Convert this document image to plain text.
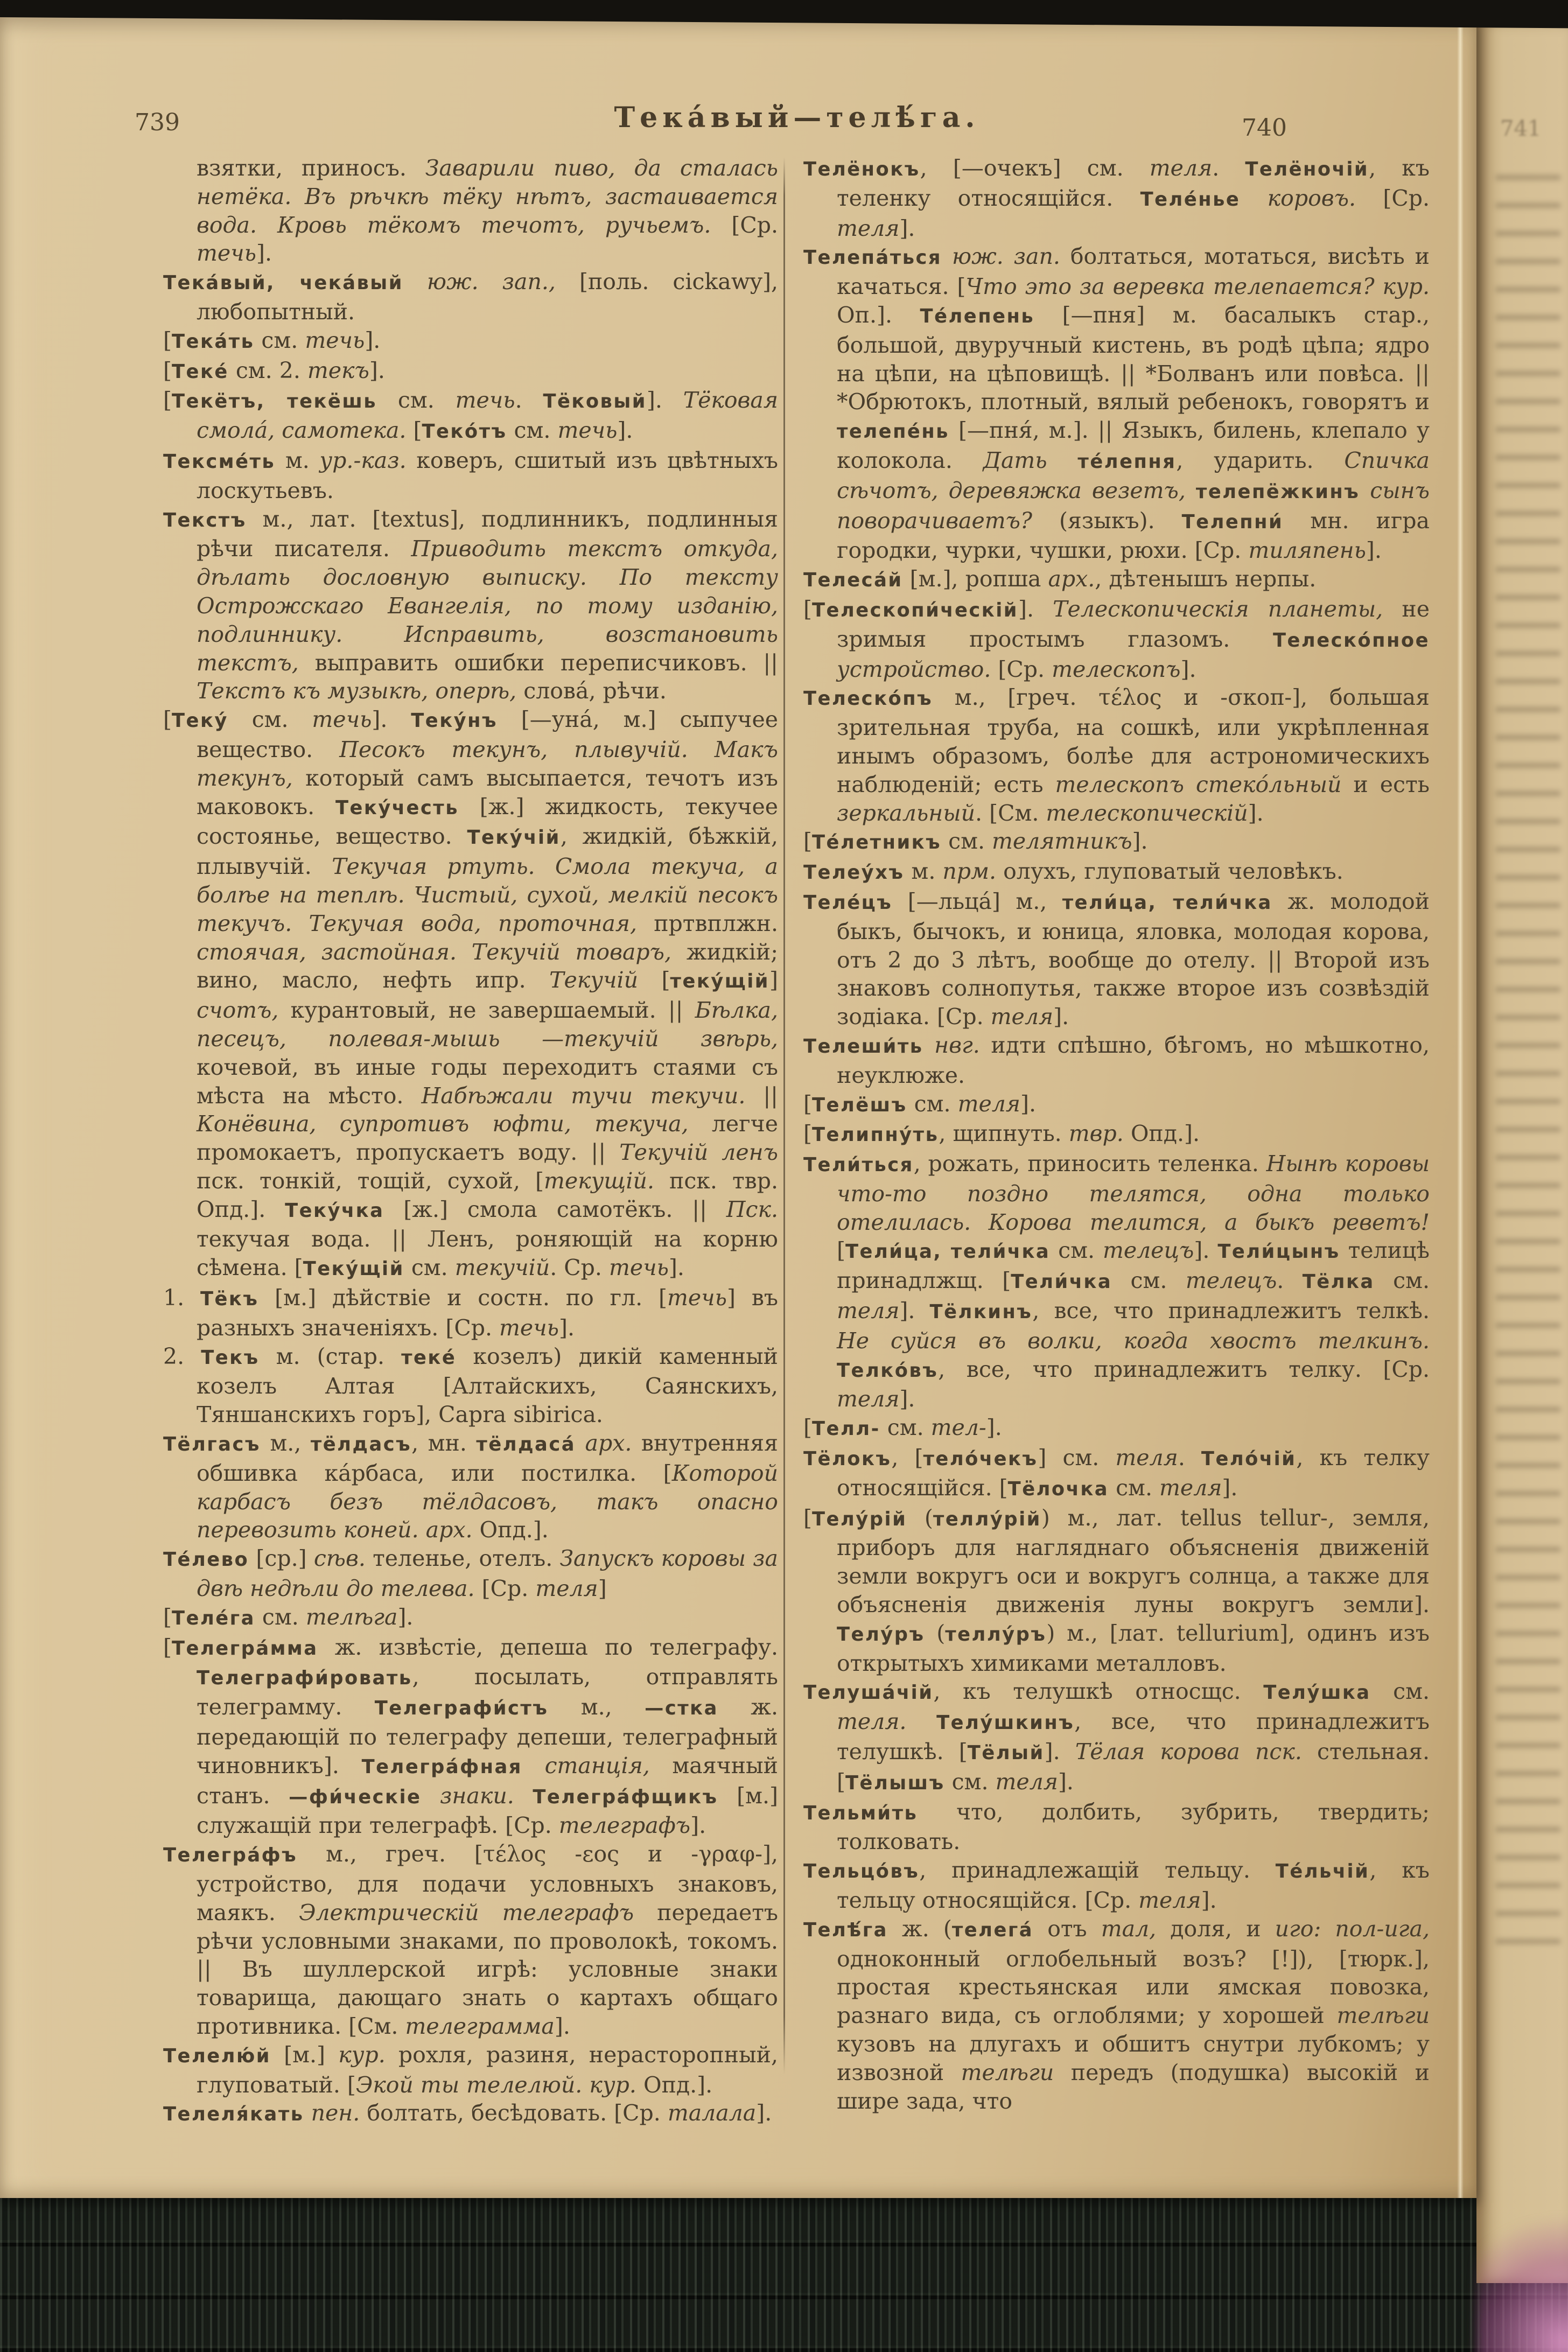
741
739	Тека́вый—телѣ́га.	740

взятки, приносъ. Заварили пиво, да сталась нетёка. Въ рѣчкѣ тёку нѣтъ, застаивается вода. Кровь тёкомъ течотъ, ручьемъ. [Ср. течь].

Тека́вый, чека́вый юж. зап., [поль. cickawy], любопытный.

[Тека́ть см. течь].

[Теке́ см. 2. текъ].

[Текётъ, текёшь см. течь. Тёковый]. Тёковая смола́, самотека. [Теко́тъ см. течь].

Тексме́ть м. ур.-каз. коверъ, сшитый изъ цвѣтныхъ лоскутьевъ.

Текстъ м., лат. [textus], подлинникъ, подлинныя рѣчи писателя. Приводить текстъ откуда, дѣлать дословную выписку. По тексту Острожскаго Евангелія, по тому изданію, подлиннику. Исправить, возстановить текстъ, выправить ошибки переписчиковъ. || Текстъ къ музыкѣ, оперѣ, слова́, рѣчи.

[Теку́ см. течь]. Теку́нъ [—уна́, м.] сыпучее вещество. Песокъ текунъ, плывучій. Макъ текунъ, который самъ высыпается, течотъ изъ маковокъ. Теку́честь [ж.] жидкость, текучее состоянье, вещество. Теку́чій, жидкій, бѣжкій, плывучій. Текучая ртуть. Смола текуча, а болѣе на теплѣ. Чистый, сухой, мелкій песокъ текучъ. Текучая вода, проточная, пртвплжн. стоячая, застойная. Текучій товаръ, жидкій; вино, масло, нефть ипр. Текучій [теку́щій] счотъ, курантовый, не завершаемый. || Бѣлка, песецъ, полевая-мышь —текучій звѣрь, кочевой, въ иные годы переходитъ стаями съ мѣста на мѣсто. Набѣжали тучи текучи. || Конёвина, супротивъ юфти, текуча, легче промокаетъ, пропускаетъ воду. || Текучій ленъ пск. тонкій, тощій, сухой, [текущій. пск. твр. Опд.]. Теку́чка [ж.] смола самотёкъ. || Пск. текучая вода. || Ленъ, роняющій на корню сѣмена. [Теку́щій см. текучій. Ср. течь].

1. Тёкъ [м.] дѣйствіе и состн. по гл. [течь] въ разныхъ значеніяхъ. [Ср. течь].

2. Текъ м. (стар. теке́ козелъ) дикій каменный козелъ Алтая [Алтайскихъ, Саянскихъ, Тяншанскихъ горъ], Capra sibirica.

Тёлгасъ м., тёлдасъ, мн. тёлдаса́ арх. внутренняя обшивка ка́рбаса, или постилка. [Которой карбасъ безъ тёлдасовъ, такъ опасно перевозить коней. арх. Опд.].

Те́лево [ср.] сѣв. теленье, отелъ. Запускъ коровы за двѣ недѣли до телева. [Ср. теля]

[Теле́га см. телѣга].

[Телегра́мма ж. извѣстіе, депеша по телеграфу. Телеграфи́ровать, посылать, отправлять телеграмму. Телеграфи́стъ м., —стка ж. передающій по телеграфу депеши, телеграфный чиновникъ]. Телегра́фная станція, маячный станъ. —фи́ческіе знаки. Телегра́фщикъ [м.] служащій при телеграфѣ. [Ср. телеграфъ].

Телегра́фъ м., греч. [τέλος -εος и -γραφ-], устройство, для подачи условныхъ знаковъ, маякъ. Электрическій телеграфъ передаетъ рѣчи условными знаками, по проволокѣ, токомъ. || Въ шуллерской игрѣ: условные знаки товарища, дающаго знать о картахъ общаго противника. [См. телеграмма].

Телелю́й [м.] кур. рохля, разиня, нерасторопный, глуповатый. [Экой ты телелюй. кур. Опд.].

Телеля́кать пен. болтать, бесѣдовать. [Ср. талала].

Телёнокъ, [—очекъ] см. теля. Телёночій, къ теленку относящійся. Теле́нье коровъ. [Ср. теля].

Телепа́ться юж. зап. болтаться, мотаться, висѣть и качаться. [Что это за веревка телепается? кур. Оп.]. Те́лепень [—пня] м. басалыкъ стар., большой, двуручный кистень, въ родѣ цѣпа; ядро на цѣпи, на цѣповищѣ. || *Болванъ или повѣса. || *Обрютокъ, плотный, вялый ребенокъ, говорятъ и телепе́нь [—пня́, м.]. || Языкъ, билень, клепало у колокола. Дать те́лепня, ударить. Спичка сѣчотъ, деревяжка везетъ, телепёжкинъ сынъ поворачиваетъ? (языкъ). Телепни́ мн. игра городки, чурки, чушки, рюхи. [Ср. тиляпень].

Телеса́й [м.], ропша арх., дѣтенышъ нерпы.

[Телескопи́ческій]. Телескопическія планеты, не зримыя простымъ глазомъ. Телеско́пное устройство. [Ср. телескопъ].

Телеско́пъ м., [греч. τέλος и -σκοπ-], большая зрительная труба, на сошкѣ, или укрѣпленная инымъ образомъ, болѣе для астрономическихъ наблюденій; есть телескопъ стеко́льный и есть зеркальный. [См. телескопическій].

[Те́летникъ см. телятникъ].

Телеу́хъ м. прм. олухъ, глуповатый человѣкъ.

Теле́цъ [—льца́] м., тели́ца, тели́чка ж. молодой быкъ, бычокъ, и юница, яловка, молодая корова, отъ 2 до 3 лѣтъ, вообще до отелу. || Второй изъ знаковъ солнопутья, также второе изъ созвѣздій зодіака. [Ср. теля].

Телеши́ть нвг. идти спѣшно, бѣгомъ, но мѣшкотно, неуклюже.

[Телёшъ см. теля].

[Телипну́ть, щипнуть. твр. Опд.].

Тели́ться, рожать, приносить теленка. Нынѣ коровы что-то поздно телятся, одна только отелилась. Корова телится, а быкъ реветъ! [Тели́ца, тели́чка см. телецъ]. Тели́цынъ телицѣ принадлжщ. [Тели́чка см. телецъ. Тёлка см. теля]. Тёлкинъ, все, что принадлежитъ телкѣ. Не суйся въ волки, когда хвостъ телкинъ. Телко́въ, все, что принадлежитъ телку. [Ср. теля].

[Телл- см. тел-].

Тёлокъ, [тело́чекъ] см. теля. Тело́чій, къ телку относящійся. [Тёлочка см. теля].

[Телу́рій (теллу́рій) м., лат. tellus tellur-, земля, приборъ для нагляднаго объясненія движеній земли вокругъ оси и вокругъ солнца, а также для объясненія движенія луны вокругъ земли]. Телу́ръ (теллу́ръ) м., [лат. tellurium], одинъ изъ открытыхъ химиками металловъ.

Телуша́чій, къ телушкѣ относщс. Телу́шка см. теля. Телу́шкинъ, все, что принадлежитъ телушкѣ. [Тёлый]. Тёлая корова пск. стельная. [Тёлышъ см. теля].

Тельми́ть что, долбить, зубрить, твердить; толковать.

Тельцо́въ, принадлежащій тельцу. Те́льчій, къ тельцу относящійся. [Ср. теля].

Телѣ́га ж. (телега́ отъ тал, доля, и иго: пол-ига, одноконный оглобельный возъ? [!]), [тюрк.], простая крестьянская или ямская повозка, разнаго вида, съ оглоблями; у хорошей телѣги кузовъ на длугахъ и обшитъ снутри лубкомъ; у извозной телѣги передъ (подушка) высокій и шире зада, что
